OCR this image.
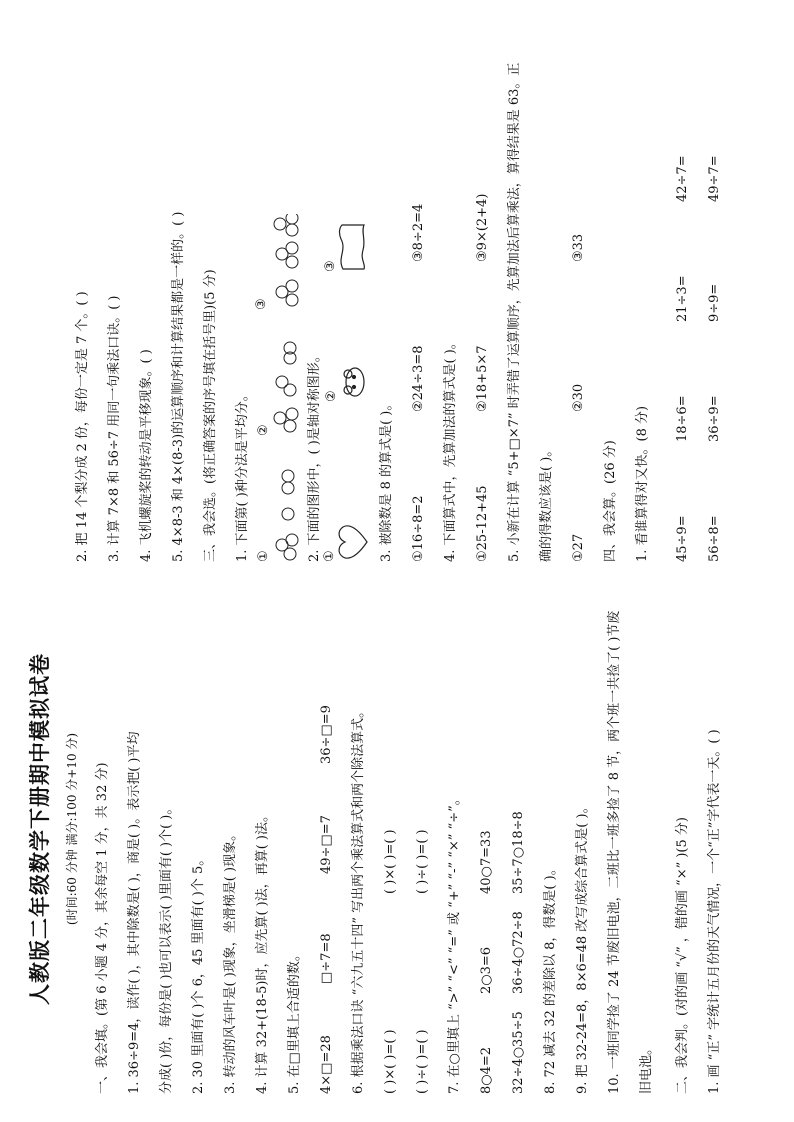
人教版二年级数学下册期中模拟试卷 (时间:60 分钟 满分:100 分+10 分) 一、我会填。(第 6 小题 4 分，其余每空 1 分，共 32 分) 1. 36÷9=4，读作( )，其中除数是( )，商是( )。表示把( )平均 分成( )份，每份是( )也可以表示( )里面有( )个( )。 2. 30 里面有( )个 6，45 里面有( )个 5。 3. 转动的风车叶是( )现象，坐滑梯是( )现象。 4. 计算 32+(18-5)时，应先算( )法，再算( )法。 5. 在□里填上合适的数。 4×□=28
□÷7=8
49÷□=7
36÷□=9 6. 根据乘法口诀 “六九五十四” 写出两个乘法算式和两个除法算式。 ( )×( )=( )
( )×( )=( )
( )÷( )=( )
( )÷( )=( ) 7. 在○里填上 “>” “<” “=” 或 “+” “-” “×” “÷”。 8○4=2
2○3=6
40○7=33
32÷4○35÷5
36÷4○72÷8
35÷7○18÷8
8. 72 减去 32 的差除以 8，得数是( )。 9. 把 32-24=8，8×6=48 改写成综合算式是( )。 10. 一班同学捡了 24 节废旧电池，二班比一班多捡了 8 节，两个班一共捡了( )节废 旧电池。 二、我会判。(对的画 “√” ，错的画 “×” )(5 分) 1. 画 “正” 字统计五月份的天气情况，一个“正”字代表一天。( )
2. 把 14 个梨分成 2 份，每份一定是 7 个。( ) 3. 计算 7×8 和 56÷7 用同一句乘法口诀。( ) 4. 飞机螺旋桨的转动是平移现象。( ) 5. 4×8-3 和 4×(8-3)的运算顺序和计算结果都是一样的。( ) 三、我会选。(将正确答案的序号填在括号里)(5 分) 1. 下面第( )种分法是平均分。 ①
②
③
2. 下面的图形中，( )是轴对称图形。 ①
②
③
3. 被除数是 8 的算式是( )。 ①16÷8=2
②24÷3=8
③8÷2=4
4. 下面算式中，先算加法的算式是( )。 ①25-12+45
②18+5×7
③9×(2+4) 5. 小新在计算 “5+□×7” 时弄错了运算顺序，先算加法后算乘法，算得结果是 63。正 确的得数应该是( )。 ①27
②30
③33
四、我会算。(26 分) 1. 看谁算得对又快。(8 分) 45÷9=
18÷6=
21÷3=
42÷7=
56÷8=
36÷9=
9÷9=
49÷7=
